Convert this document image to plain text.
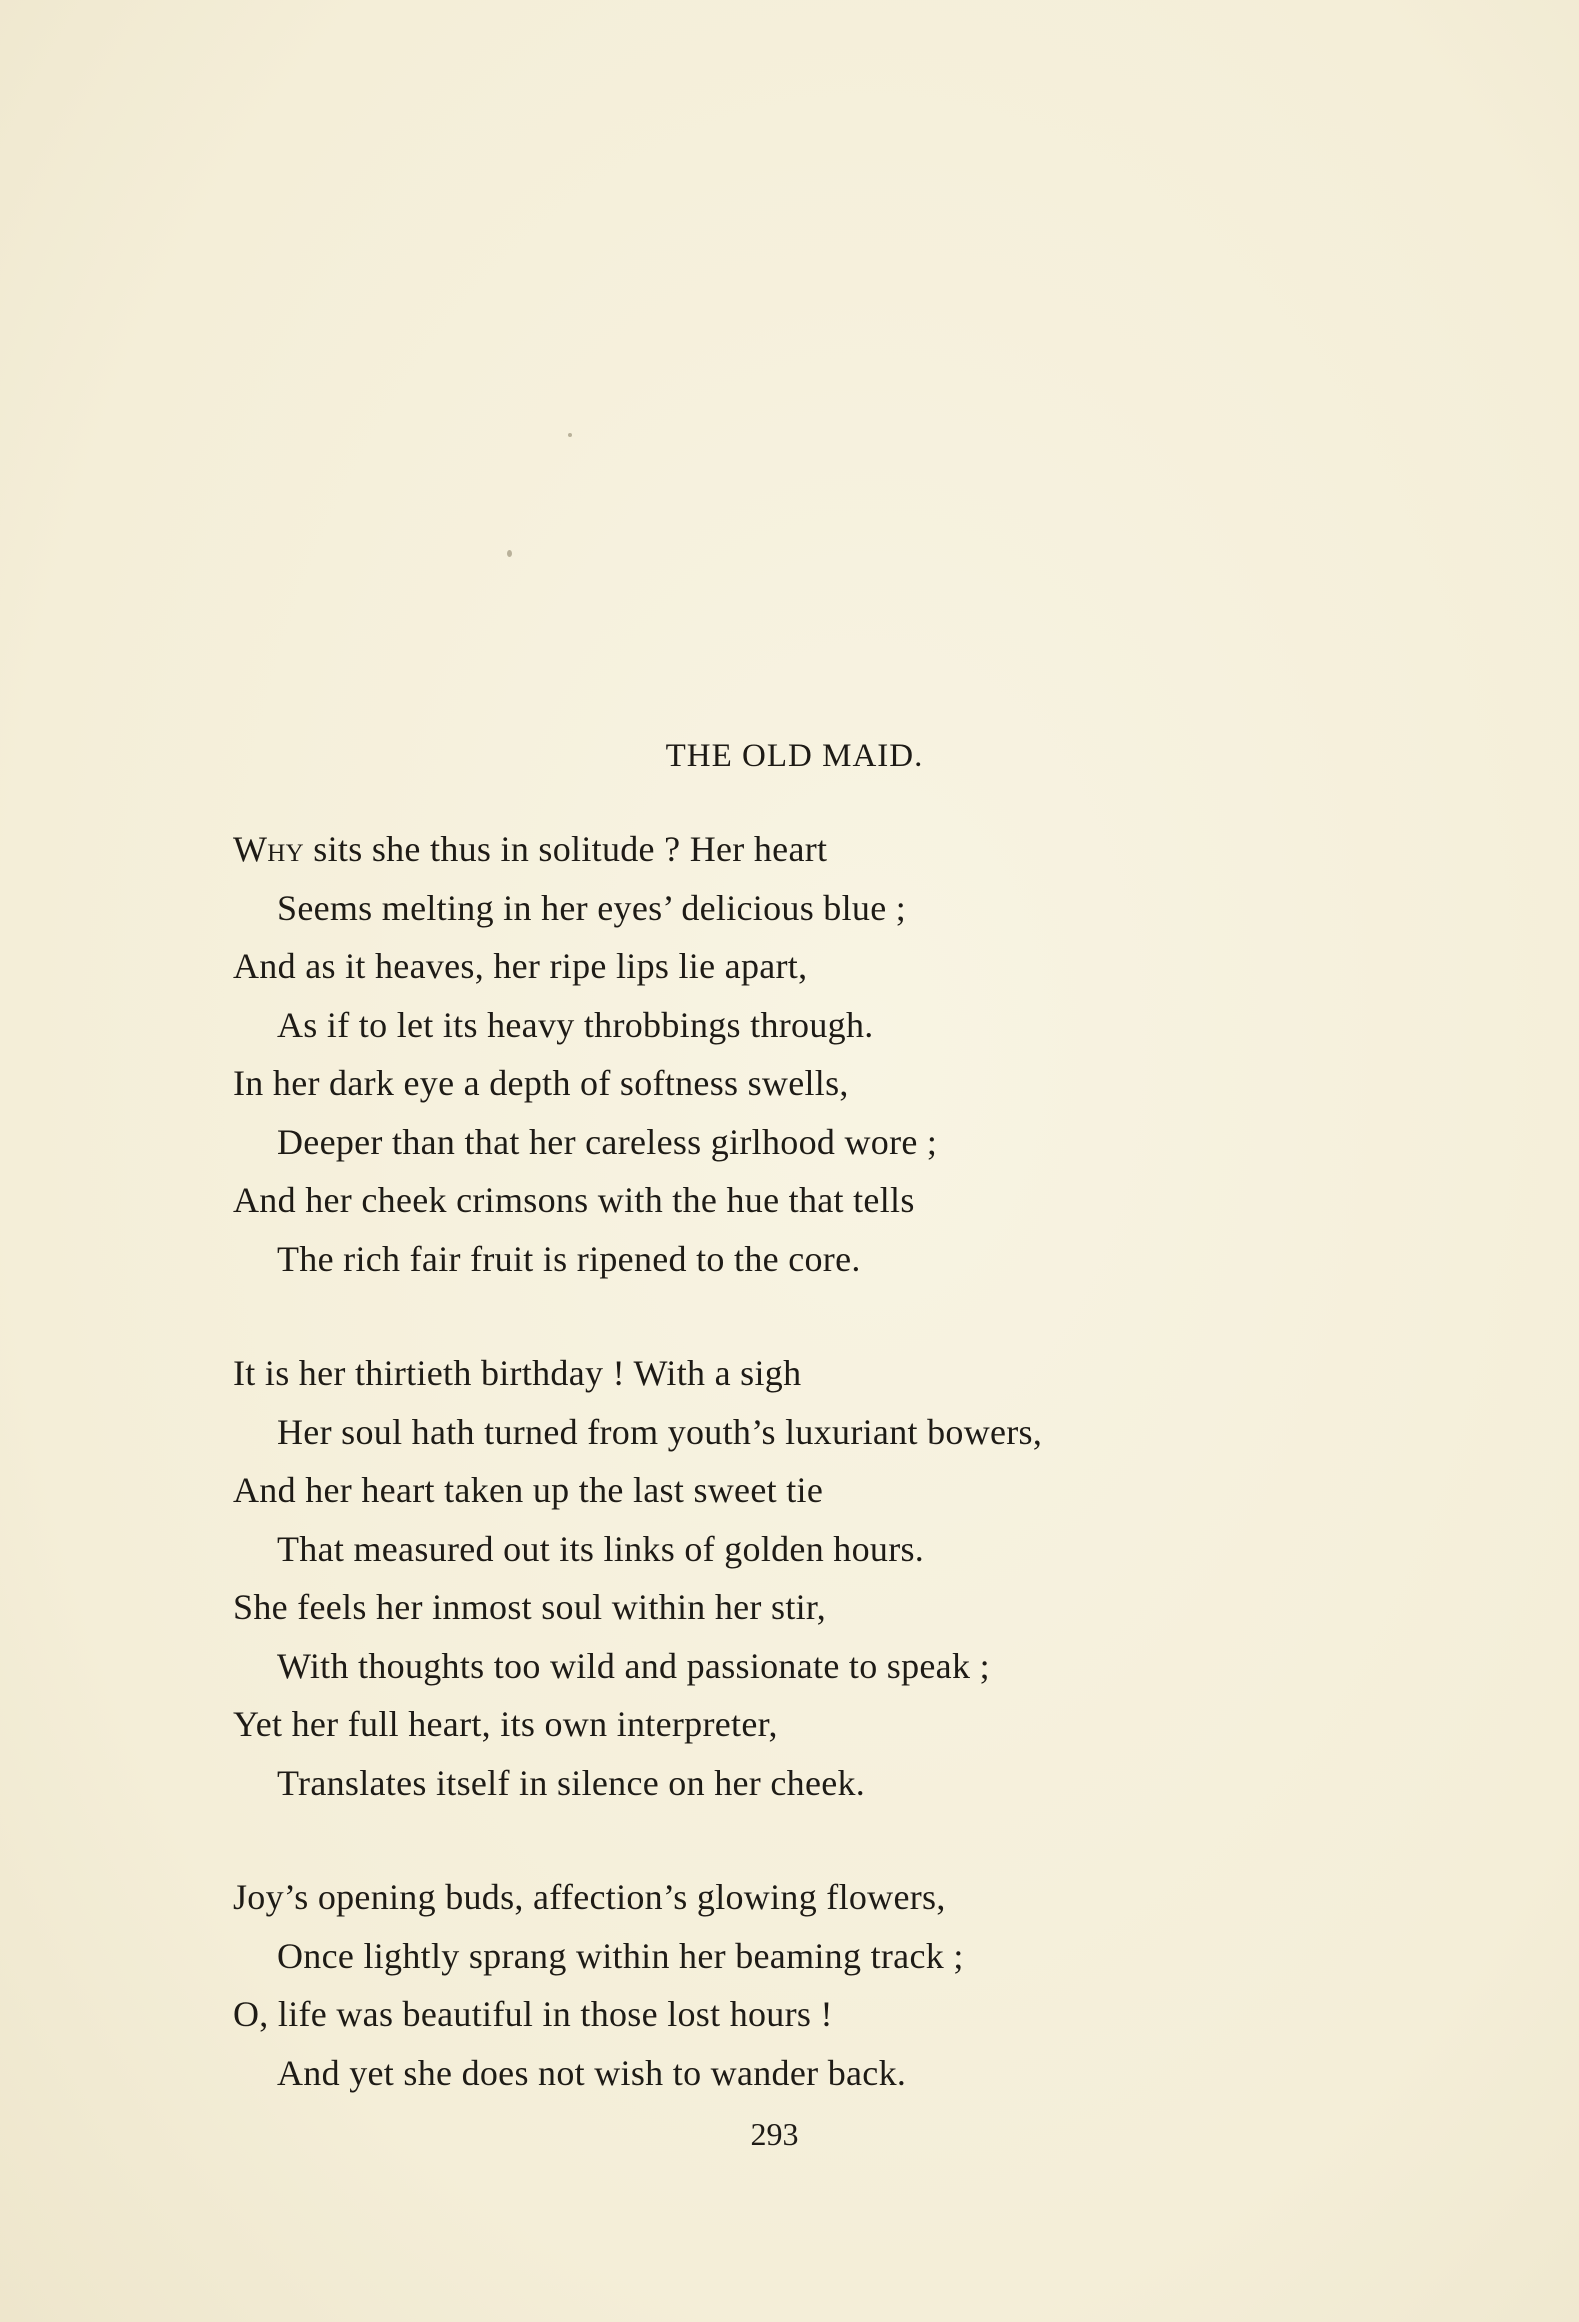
THE OLD MAID.
Why sits she thus in solitude ? Her heart
Seems melting in her eyes’ delicious blue ;
And as it heaves, her ripe lips lie apart,
As if to let its heavy throbbings through.
In her dark eye a depth of softness swells,
Deeper than that her careless girlhood wore ;
And her cheek crimsons with the hue that tells
The rich fair fruit is ripened to the core.
It is her thirtieth birthday ! With a sigh
Her soul hath turned from youth’s luxuriant bowers,
And her heart taken up the last sweet tie
That measured out its links of golden hours.
She feels her inmost soul within her stir,
With thoughts too wild and passionate to speak ;
Yet her full heart, its own interpreter,
Translates itself in silence on her cheek.
Joy’s opening buds, affection’s glowing flowers,
Once lightly sprang within her beaming track ;
O, life was beautiful in those lost hours !
And yet she does not wish to wander back.
293
